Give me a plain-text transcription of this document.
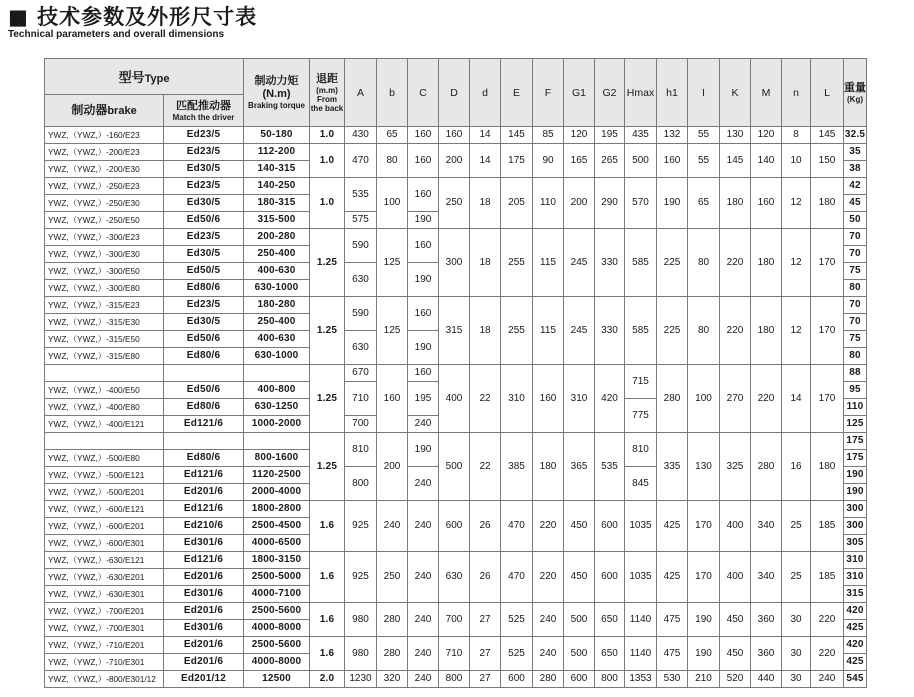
■ 技术参数及外形尺寸表
Technical parameters and overall dimensions
型号Type		制动力矩
(N.m)
Braking torque	退距
(m.m)
From the back	A	b	C	D	d	E	F	G1	G2	Hmax	h1	I	K	M	n	L	重量
(Kg)

制动器brake	匹配推动器
Match the driver																			

YWZ,（YWZ,）-160/E23	Ed23/5	50-180	1.0	430	65	160	160	14	145	85	120	195	435	132	55	130	120	8	145	32.5
YWZ,（YWZ,）-200/E23	Ed23/5	112-200	1.0	470	80	160	200	14	175	90	165	265	500	160	55	145	140	10	150	35
YWZ,（YWZ,）-200/E30	Ed30/5	140-315																		38
YWZ,（YWZ,）-250/E23	Ed23/5	140-250	1.0	535	100	160	250	18	205	110	200	290	570	190	65	180	160	12	180	42
YWZ,（YWZ,）-250/E30	Ed30/5	180-315																		45
YWZ,（YWZ,）-250/E50	Ed50/6	315-500		575		190														50
YWZ,（YWZ,）-300/E23	Ed23/5	200-280	1.25	590	125	160	300	18	255	115	245	330	585	225	80	220	180	12	170	70
YWZ,（YWZ,）-300/E30	Ed30/5	250-400																		70
YWZ,（YWZ,）-300/E50	Ed50/5	400-630		630		190														75
YWZ,（YWZ,）-300/E80	Ed80/6	630-1000																		80
YWZ,（YWZ,）-315/E23	Ed23/5	180-280	1.25	590	125	160	315	18	255	115	245	330	585	225	80	220	180	12	170	70
YWZ,（YWZ,）-315/E30	Ed30/5	250-400																		70
YWZ,（YWZ,）-315/E50	Ed50/6	400-630		630		190														75
YWZ,（YWZ,）-315/E80	Ed80/6	630-1000																		80
			1.25	670	160	160	400	22	310	160	310	420	715	280	100	270	220	14	170	88
YWZ,（YWZ,）-400/E50	Ed50/6	400-800		710		195														95
YWZ,（YWZ,）-400/E80	Ed80/6	630-1250											775							110
YWZ,（YWZ,）-400/E121	Ed121/6	1000-2000		700		240														125
			1.25	810	200	190	500	22	385	180	365	535	810	335	130	325	280	16	180	175
YWZ,（YWZ,）-500/E80	Ed80/6	800-1600																		175
YWZ,（YWZ,）-500/E121	Ed121/6	1120-2500		800		240							845							190
YWZ,（YWZ,）-500/E201	Ed201/6	2000-4000																		190
YWZ,（YWZ,）-600/E121	Ed121/6	1800-2800	1.6	925	240	240	600	26	470	220	450	600	1035	425	170	400	340	25	185	300
YWZ,（YWZ,）-600/E201	Ed210/6	2500-4500																		300
YWZ,（YWZ,）-600/E301	Ed301/6	4000-6500																		305
YWZ,（YWZ,）-630/E121	Ed121/6	1800-3150	1.6	925	250	240	630	26	470	220	450	600	1035	425	170	400	340	25	185	310
YWZ,（YWZ,）-630/E201	Ed201/6	2500-5000																		310
YWZ,（YWZ,）-630/E301	Ed301/6	4000-7100																		315
YWZ,（YWZ,）-700/E201	Ed201/6	2500-5600	1.6	980	280	240	700	27	525	240	500	650	1140	475	190	450	360	30	220	420
YWZ,（YWZ,）-700/E301	Ed301/6	4000-8000																		425
YWZ,（YWZ,）-710/E201	Ed201/6	2500-5600	1.6	980	280	240	710	27	525	240	500	650	1140	475	190	450	360	30	220	420
YWZ,（YWZ,）-710/E301	Ed201/6	4000-8000																		425
YWZ,（YWZ,）-800/E301/12	Ed201/12	12500	2.0	1230	320	240	800	27	600	280	600	800	1353	530	210	520	440	30	240	545
